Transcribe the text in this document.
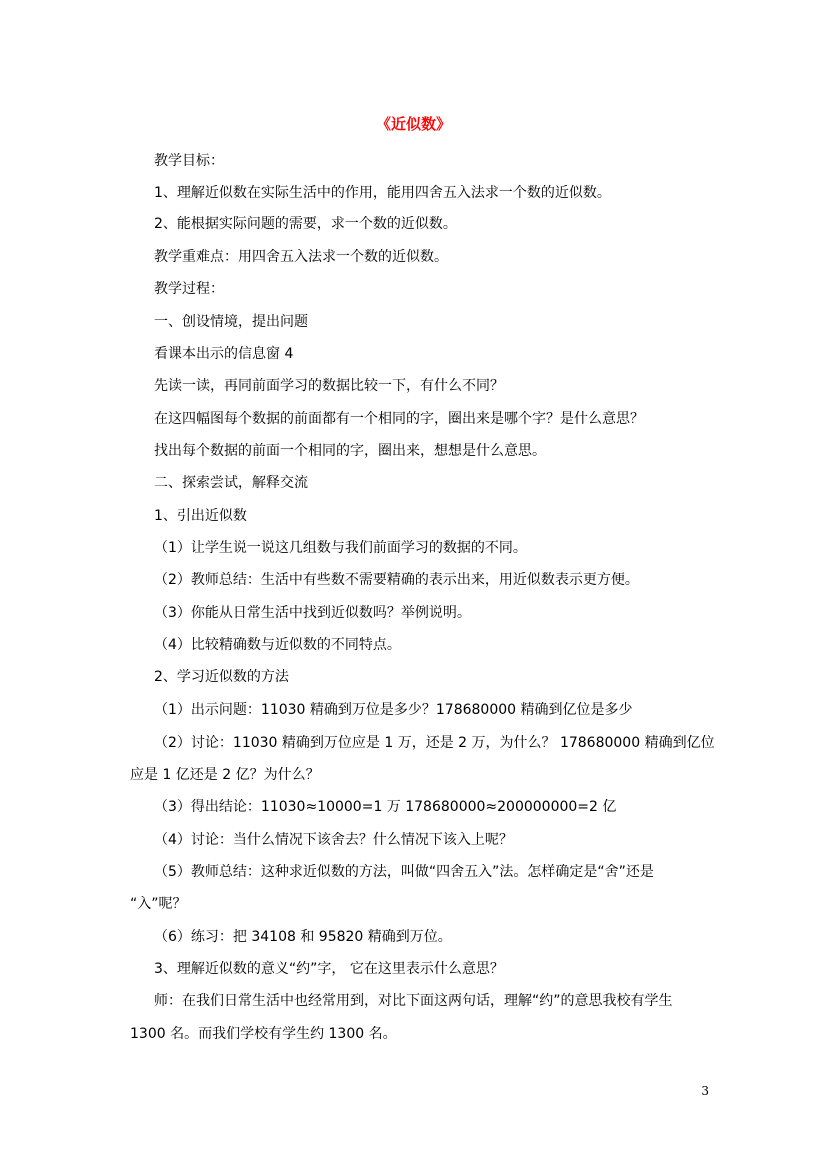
《近似数》
教学目标：
1、理解近似数在实际生活中的作用，能用四舍五入法求一个数的近似数。
2、能根据实际问题的需要，求一个数的近似数。
教学重难点：用四舍五入法求一个数的近似数。
教学过程：
一、创设情境，提出问题
看课本出示的信息窗 4
先读一读，再同前面学习的数据比较一下，有什么不同？
在这四幅图每个数据的前面都有一个相同的字，圈出来是哪个字？是什么意思？
找出每个数据的前面一个相同的字，圈出来，想想是什么意思。
二、探索尝试，解释交流
1、引出近似数
（1）让学生说一说这几组数与我们前面学习的数据的不同。
（2）教师总结：生活中有些数不需要精确的表示出来，用近似数表示更方便。
（3）你能从日常生活中找到近似数吗？举例说明。
（4）比较精确数与近似数的不同特点。
2、学习近似数的方法
（1）出示问题：11030 精确到万位是多少？178680000 精确到亿位是多少
（2）讨论：11030 精确到万位应是 1 万，还是 2 万，为什么？ 178680000 精确到亿位
应是 1 亿还是 2 亿？为什么？
（3）得出结论：11030≈10000=1 万 178680000≈200000000=2 亿
（4）讨论：当什么情况下该舍去？什么情况下该入上呢？
（5）教师总结：这种求近似数的方法，叫做“四舍五入”法。怎样确定是“舍”还是
“入”呢？
（6）练习：把 34108 和 95820 精确到万位。
3、理解近似数的意义“约”字， 它在这里表示什么意思？
师：在我们日常生活中也经常用到，对比下面这两句话，理解“约”的意思我校有学生
1300 名。而我们学校有学生约 1300 名。
3
